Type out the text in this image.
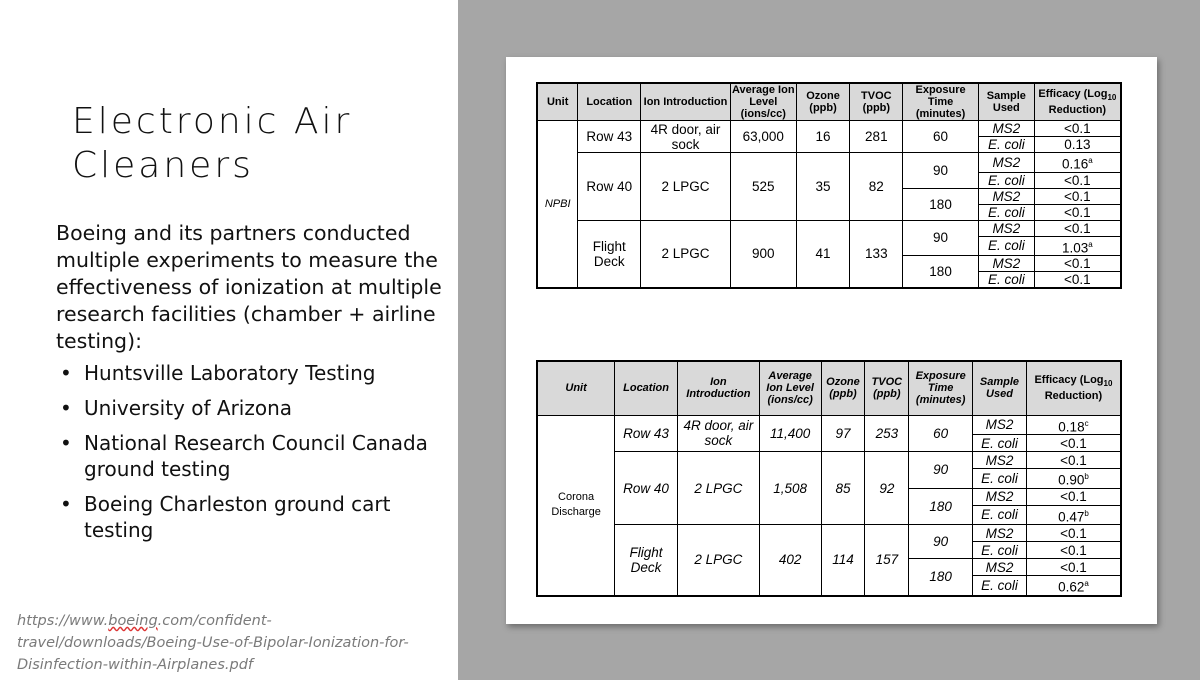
Electronic Air
Cleaners
Boeing and its partners conducted multiple experiments to measure the effectiveness of ionization at multiple research facilities (chamber + airline testing):
• Huntsville Laboratory Testing
• University of Arizona
• National Research Council Canada ground testing
• Boeing Charleston ground cart testing
https://www.boeing.com/confident-
travel/downloads/Boeing-Use-of-Bipolar-Ionization-for-
Disinfection-within-Airplanes.pdf
Unit	Location	Ion Introduction	Average Ion Level (ions/cc)	Ozone (ppb)	TVOC (ppb)	Exposure Time (minutes)	Sample Used	Efficacy (Log$_{10}$ Reduction)
NPBI	Row 43	4R door, air sock	63,000	16	281	60	MS2	<0.1
							E. coli	0.13
	Row 40	2 LPGC	525	35	82	90	MS2	0.16$^a$
							E. coli	<0.1
						180	MS2	<0.1
							E. coli	<0.1
	Flight Deck	2 LPGC	900	41	133	90	MS2	<0.1
							E. coli	1.03$^a$
						180	MS2	<0.1
							E. coli	<0.1
Unit	Location	Ion Introduction	Average Ion Level (ions/cc)	Ozone (ppb)	TVOC (ppb)	Exposure Time (minutes)	Sample Used	Efficacy (Log$_{10}$ Reduction)
Corona Discharge	Row 43	4R door, air sock	11,400	97	253	60	MS2	0.18$^c$
							E. coli	<0.1
	Row 40	2 LPGC	1,508	85	92	90	MS2	<0.1
							E. coli	0.90$^b$
						180	MS2	<0.1
							E. coli	0.47$^b$
	Flight Deck	2 LPGC	402	114	157	90	MS2	<0.1
							E. coli	<0.1
						180	MS2	<0.1
							E. coli	0.62$^a$
